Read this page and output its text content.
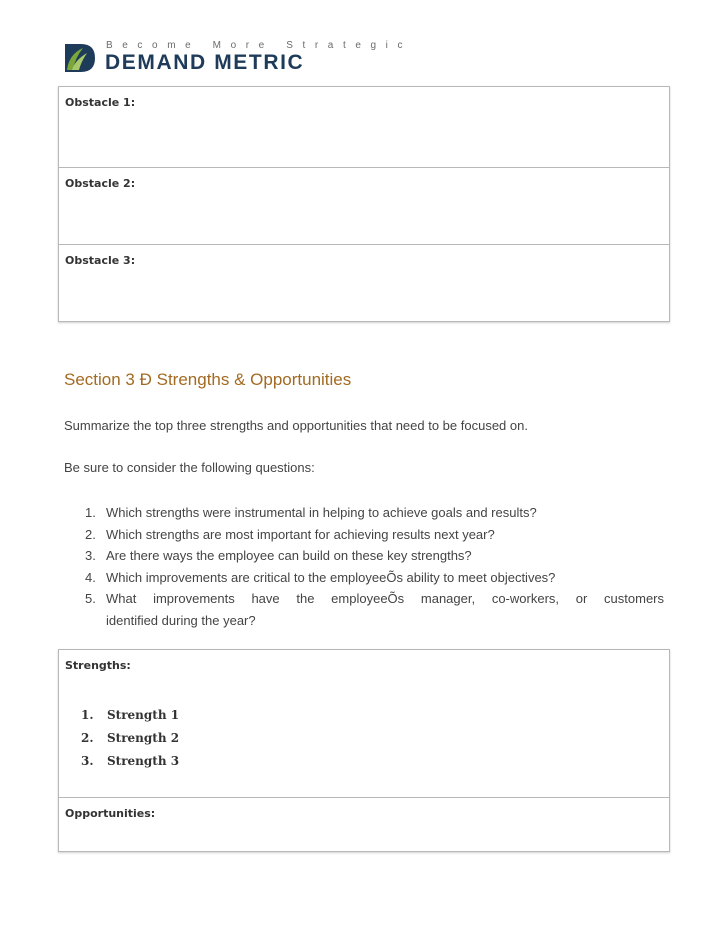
Become More Strategic
DEMAND METRIC
Obstacle 1:
Obstacle 2:
Obstacle 3:
Section 3 Ð Strengths & Opportunities
Summarize the top three strengths and opportunities that need to be focused on.
Be sure to consider the following questions:
1. Which strengths were instrumental in helping to achieve goals and results?
2. Which strengths are most important for achieving results next year?
3. Are there ways the employee can build on these key strengths?
4. Which improvements are critical to the employeeÕs ability to meet objectives?
5. What improvements have the employeeÕs manager, co-workers, or customers
identified during the year?
Strengths:
1. Strength 1
2. Strength 2
3. Strength 3
Opportunities:
